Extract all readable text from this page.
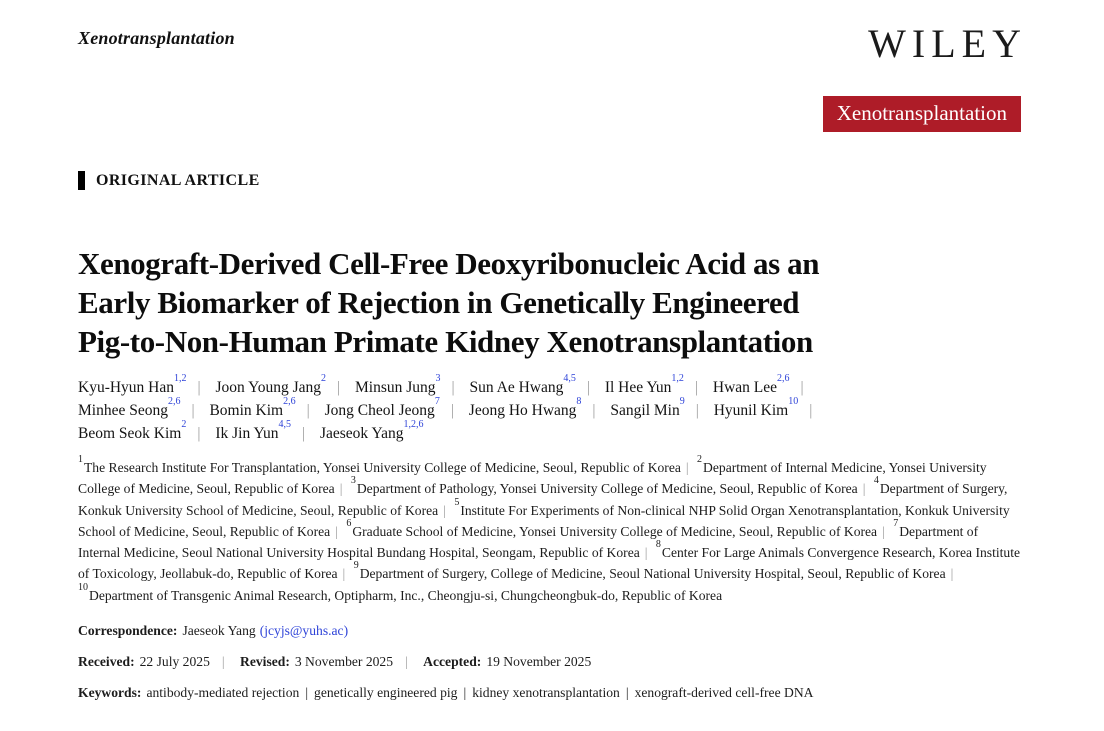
Xenotransplantation	WILEY
Xenotransplantation
ORIGINAL ARTICLE
Xenograft-Derived Cell-Free Deoxyribonucleic Acid as an
Early Biomarker of Rejection in Genetically Engineered
Pig-to-Non-Human Primate Kidney Xenotransplantation
Kyu-Hyun Han$^{1,2}$| Joon Young Jang$^2$| Minsun Jung$^3$| Sun Ae Hwang$^{4,5}$| Il Hee Yun$^{1,2}$| Hwan Lee$^{2,6}$|
Minhee Seong$^{2,6}$| Bomin Kim$^{2,6}$| Jong Cheol Jeong$^7$| Jeong Ho Hwang$^8$| Sangil Min$^9$| Hyunil Kim$^{10}$|
Beom Seok Kim$^2$| Ik Jin Yun$^{4,5}$| Jaeseok Yang$^{1,2,6}$
$^1$The Research Institute For Transplantation, Yonsei University College of Medicine, Seoul, Republic of Korea | $^2$Department of Internal Medicine, Yonsei University College of Medicine, Seoul, Republic of Korea | $^3$Department of Pathology, Yonsei University College of Medicine, Seoul, Republic of Korea | $^4$Department of Surgery, Konkuk University School of Medicine, Seoul, Republic of Korea | $^5$Institute For Experiments of Non-clinical NHP Solid Organ Xenotransplantation, Konkuk University School of Medicine, Seoul, Republic of Korea | $^6$Graduate School of Medicine, Yonsei University College of Medicine, Seoul, Republic of Korea | $^7$Department of Internal Medicine, Seoul National University Hospital Bundang Hospital, Seongam, Republic of Korea | $^8$Center For Large Animals Convergence Research, Korea Institute of Toxicology, Jeollabuk-do, Republic of Korea | $^9$Department of Surgery, College of Medicine, Seoul National University Hospital, Seoul, Republic of Korea | $^{10}$Department of Transgenic Animal Research, Optipharm, Inc., Cheongju-si, Chungcheongbuk-do, Republic of Korea
Correspondence: Jaeseok Yang (jcyjs@yuhs.ac)
Received: 22 July 2025 | Revised: 3 November 2025 | Accepted: 19 November 2025
Keywords: antibody-mediated rejection | genetically engineered pig | kidney xenotransplantation | xenograft-derived cell-free DNA
